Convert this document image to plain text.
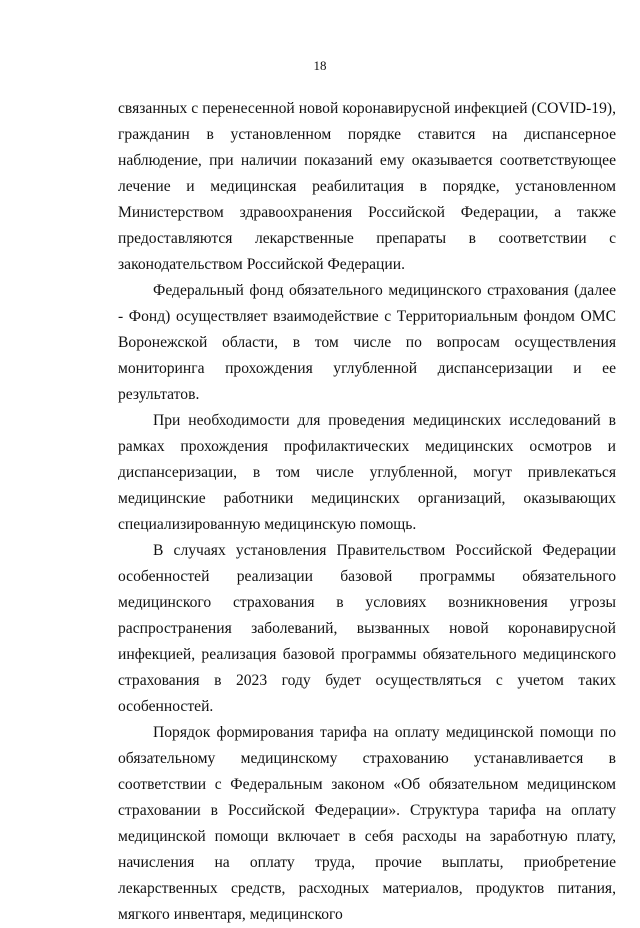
18

связанных с перенесенной новой коронавирусной инфекцией (COVID-19), гражданин в установленном порядке ставится на диспансерное наблюдение, при наличии показаний ему оказывается соответствующее лечение и медицинская реабилитация в порядке, установленном Министерством здравоохранения Российской Федерации, а также предоставляются лекарственные препараты в соответствии с законодательством Российской Федерации.

Федеральный фонд обязательного медицинского страхования (далее - Фонд) осуществляет взаимодействие с Территориальным фондом ОМС Воронежской области, в том числе по вопросам осуществления мониторинга прохождения углубленной диспансеризации и ее результатов.

При необходимости для проведения медицинских исследований в рамках прохождения профилактических медицинских осмотров и диспансеризации, в том числе углубленной, могут привлекаться медицинские работники медицинских организаций, оказывающих специализированную медицинскую помощь.

В случаях установления Правительством Российской Федерации особенностей реализации базовой программы обязательного медицинского страхования в условиях возникновения угрозы распространения заболеваний, вызванных новой коронавирусной инфекцией, реализация базовой программы обязательного медицинского страхования в 2023 году будет осуществляться с учетом таких особенностей.

Порядок формирования тарифа на оплату медицинской помощи по обязательному медицинскому страхованию устанавливается в соответствии с Федеральным законом «Об обязательном медицинском страховании в Российской Федерации». Структура тарифа на оплату медицинской помощи включает в себя расходы на заработную плату, начисления на оплату труда, прочие выплаты, приобретение лекарственных средств, расходных материалов, продуктов питания, мягкого инвентаря, медицинского
